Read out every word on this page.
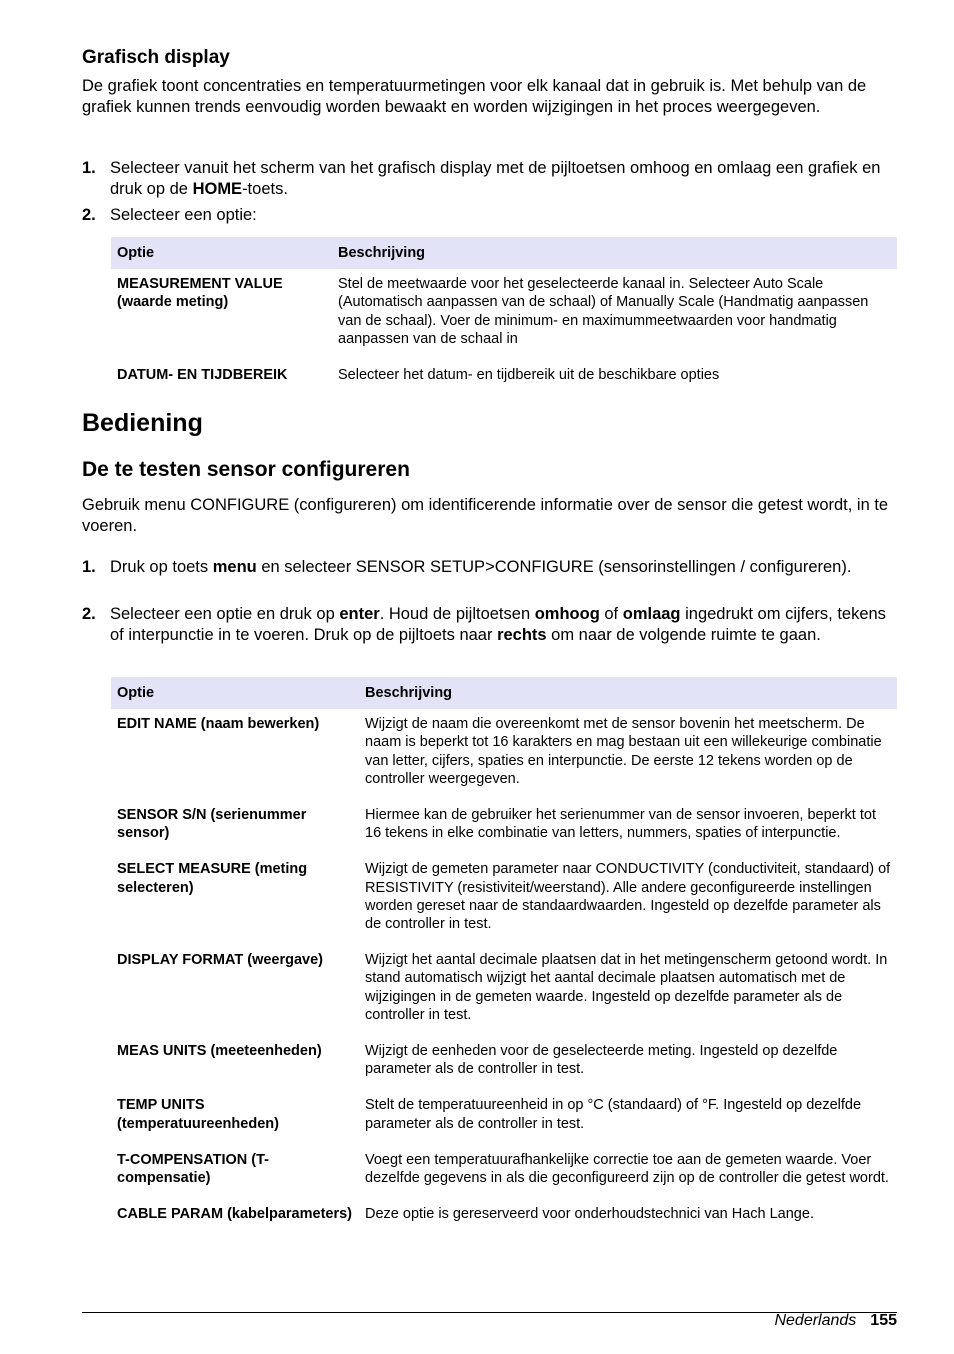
Grafisch display

De grafiek toont concentraties en temperatuurmetingen voor elk kanaal dat in gebruik is. Met behulp van de grafiek kunnen trends eenvoudig worden bewaakt en worden wijzigingen in het proces weergegeven.

1. Selecteer vanuit het scherm van het grafisch display met de pijltoetsen omhoog en omlaag een grafiek en druk op de HOME-toets.
2. Selecteer een optie:
Optie	Beschrijving
MEASUREMENT VALUE (waarde meting)	Stel de meetwaarde voor het geselecteerde kanaal in. Selecteer Auto Scale (Automatisch aanpassen van de schaal) of Manually Scale (Handmatig aanpassen van de schaal). Voer de minimum- en maximummeetwaarden voor handmatig aanpassen van de schaal in
DATUM- EN TIJDBEREIK	Selecteer het datum- en tijdbereik uit de beschikbare opties
Bediening
De te testen sensor configureren

Gebruik menu CONFIGURE (configureren) om identificerende informatie over de sensor die getest wordt, in te voeren.

1. Druk op toets menu en selecteer SENSOR SETUP>CONFIGURE (sensorinstellingen / configureren).
2. Selecteer een optie en druk op enter. Houd de pijltoetsen omhoog of omlaag ingedrukt om cijfers, tekens of interpunctie in te voeren. Druk op de pijltoets naar rechts om naar de volgende ruimte te gaan.
Optie	Beschrijving
EDIT NAME (naam bewerken)	Wijzigt de naam die overeenkomt met de sensor bovenin het meetscherm. De naam is beperkt tot 16 karakters en mag bestaan uit een willekeurige combinatie van letter, cijfers, spaties en interpunctie. De eerste 12 tekens worden op de controller weergegeven.
SENSOR S/N (serienummer sensor)	Hiermee kan de gebruiker het serienummer van de sensor invoeren, beperkt tot 16 tekens in elke combinatie van letters, nummers, spaties of interpunctie.
SELECT MEASURE (meting selecteren)	Wijzigt de gemeten parameter naar CONDUCTIVITY (conductiviteit, standaard) of RESISTIVITY (resistiviteit/weerstand). Alle andere geconfigureerde instellingen worden gereset naar de standaardwaarden. Ingesteld op dezelfde parameter als de controller in test.
DISPLAY FORMAT (weergave)	Wijzigt het aantal decimale plaatsen dat in het metingenscherm getoond wordt. In stand automatisch wijzigt het aantal decimale plaatsen automatisch met de wijzigingen in de gemeten waarde. Ingesteld op dezelfde parameter als de controller in test.
MEAS UNITS (meeteenheden)	Wijzigt de eenheden voor de geselecteerde meting. Ingesteld op dezelfde parameter als de controller in test.
TEMP UNITS (temperatuureenheden)	Stelt de temperatuureenheid in op °C (standaard) of °F. Ingesteld op dezelfde parameter als de controller in test.
T-COMPENSATION (T-compensatie)	Voegt een temperatuurafhankelijke correctie toe aan de gemeten waarde. Voer dezelfde gegevens in als die geconfigureerd zijn op de controller die getest wordt.
CABLE PARAM (kabelparameters)	Deze optie is gereserveerd voor onderhoudstechnici van Hach Lange.
Nederlands 155
